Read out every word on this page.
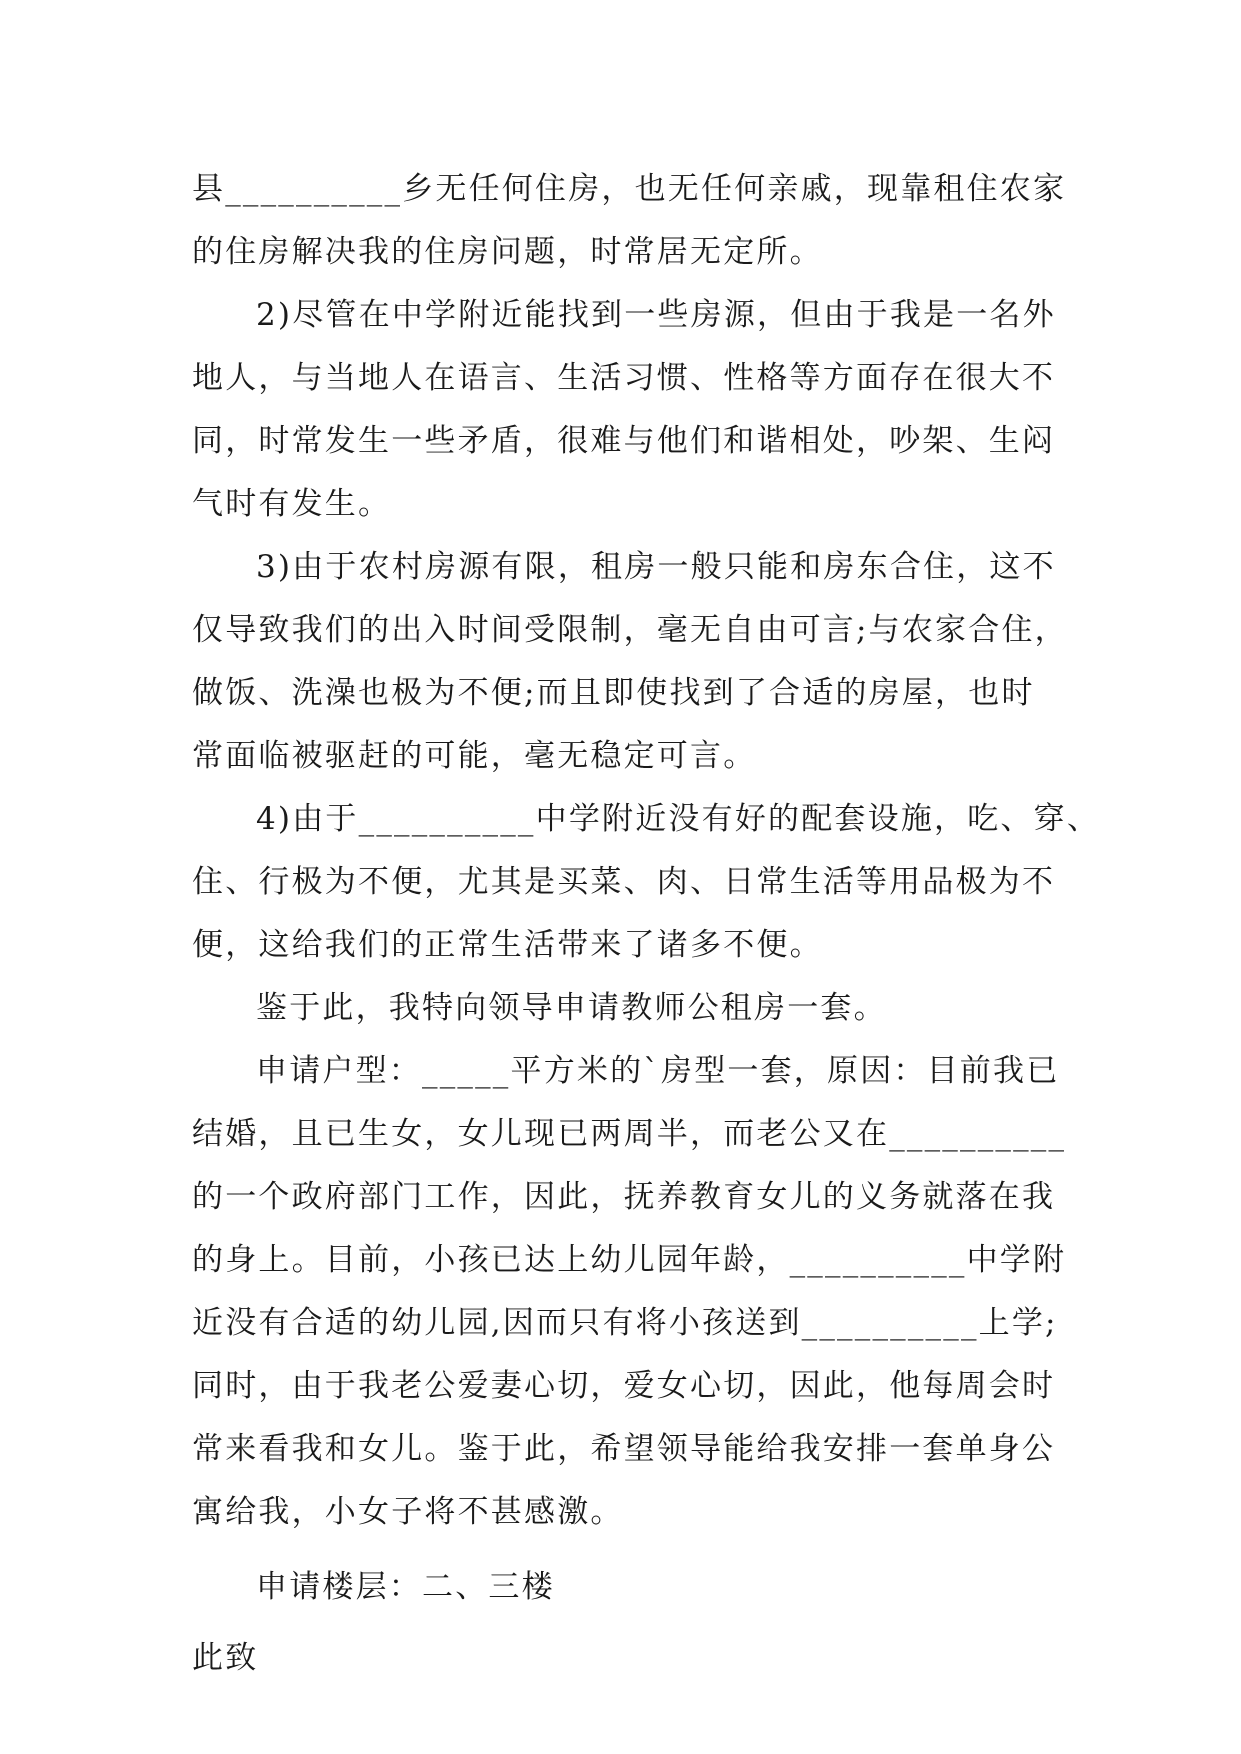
县__________乡无任何住房，也无任何亲戚，现靠租住农家
的住房解决我的住房问题，时常居无定所。
2)尽管在中学附近能找到一些房源，但由于我是一名外
地人，与当地人在语言、生活习惯、性格等方面存在很大不
同，时常发生一些矛盾，很难与他们和谐相处，吵架、生闷
气时有发生。
3)由于农村房源有限，租房一般只能和房东合住，这不
仅导致我们的出入时间受限制，毫无自由可言;与农家合住，
做饭、洗澡也极为不便;而且即使找到了合适的房屋，也时
常面临被驱赶的可能，毫无稳定可言。
4)由于__________中学附近没有好的配套设施，吃、穿、
住、行极为不便，尤其是买菜、肉、日常生活等用品极为不
便，这给我们的正常生活带来了诸多不便。
鉴于此，我特向领导申请教师公租房一套。
申请户型：_____平方米的`房型一套，原因：目前我已
结婚，且已生女，女儿现已两周半，而老公又在__________
的一个政府部门工作，因此，抚养教育女儿的义务就落在我
的身上。目前，小孩已达上幼儿园年龄，__________中学附
近没有合适的幼儿园,因而只有将小孩送到__________上学;
同时，由于我老公爱妻心切，爱女心切，因此，他每周会时
常来看我和女儿。鉴于此，希望领导能给我安排一套单身公
寓给我，小女子将不甚感激。
申请楼层：二、三楼
此致
